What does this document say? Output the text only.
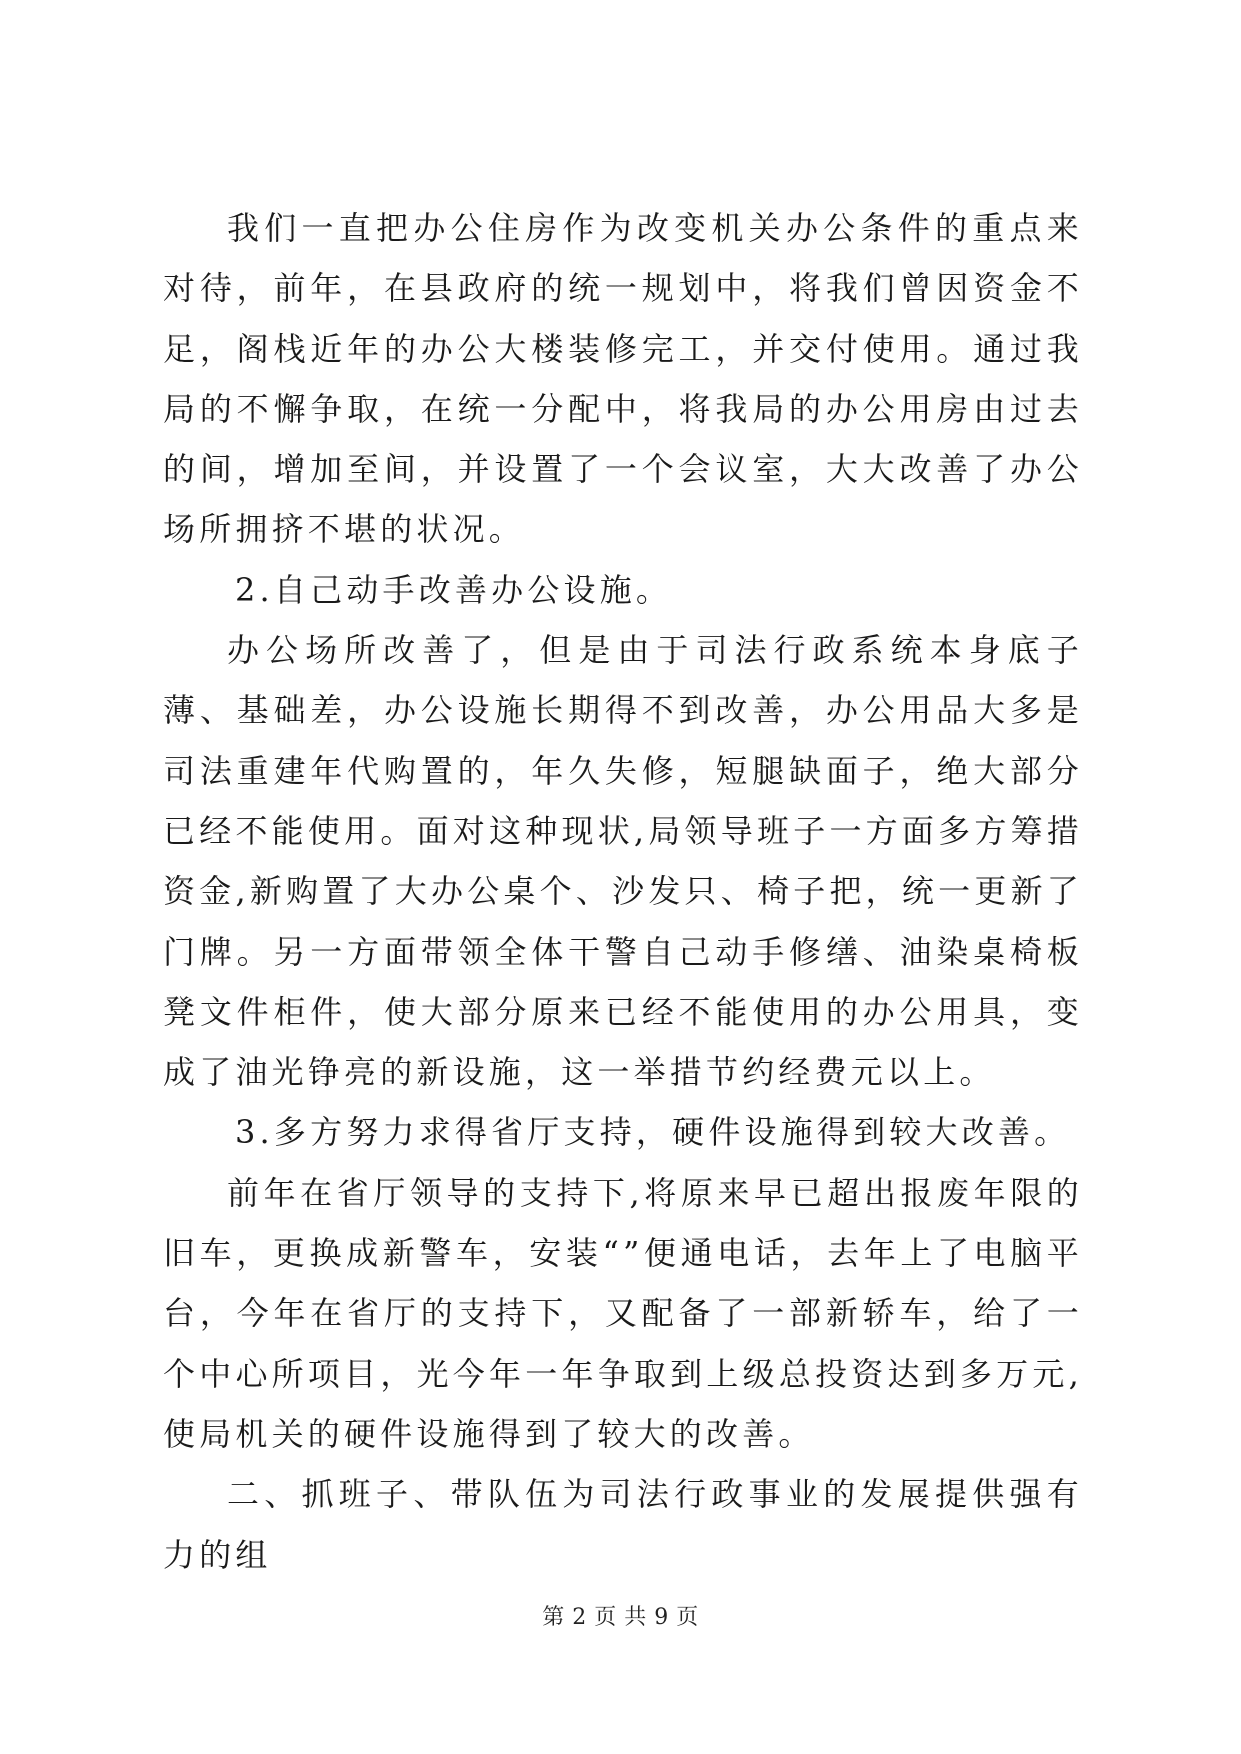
我们一直把办公住房作为改变机关办公条件的重点来对待，前年，在县政府的统一规划中，将我们曾因资金不足，阁栈近年的办公大楼装修完工，并交付使用。通过我局的不懈争取，在统一分配中，将我局的办公用房由过去的间，增加至间，并设置了一个会议室，大大改善了办公场所拥挤不堪的状况。

2.自己动手改善办公设施。

办公场所改善了，但是由于司法行政系统本身底子薄、基础差，办公设施长期得不到改善，办公用品大多是司法重建年代购置的，年久失修，短腿缺面子，绝大部分已经不能使用。面对这种现状,局领导班子一方面多方筹措资金,新购置了大办公桌个、沙发只、椅子把，统一更新了门牌。另一方面带领全体干警自己动手修缮、油染桌椅板凳文件柜件，使大部分原来已经不能使用的办公用具，变成了油光铮亮的新设施，这一举措节约经费元以上。

3.多方努力求得省厅支持，硬件设施得到较大改善。

前年在省厅领导的支持下,将原来早已超出报废年限的旧车，更换成新警车，安装“”便通电话，去年上了电脑平台，今年在省厅的支持下，又配备了一部新轿车，给了一个中心所项目，光今年一年争取到上级总投资达到多万元,使局机关的硬件设施得到了较大的改善。

二、抓班子、带队伍为司法行政事业的发展提供强有力的组

第 2 页 共 9 页
